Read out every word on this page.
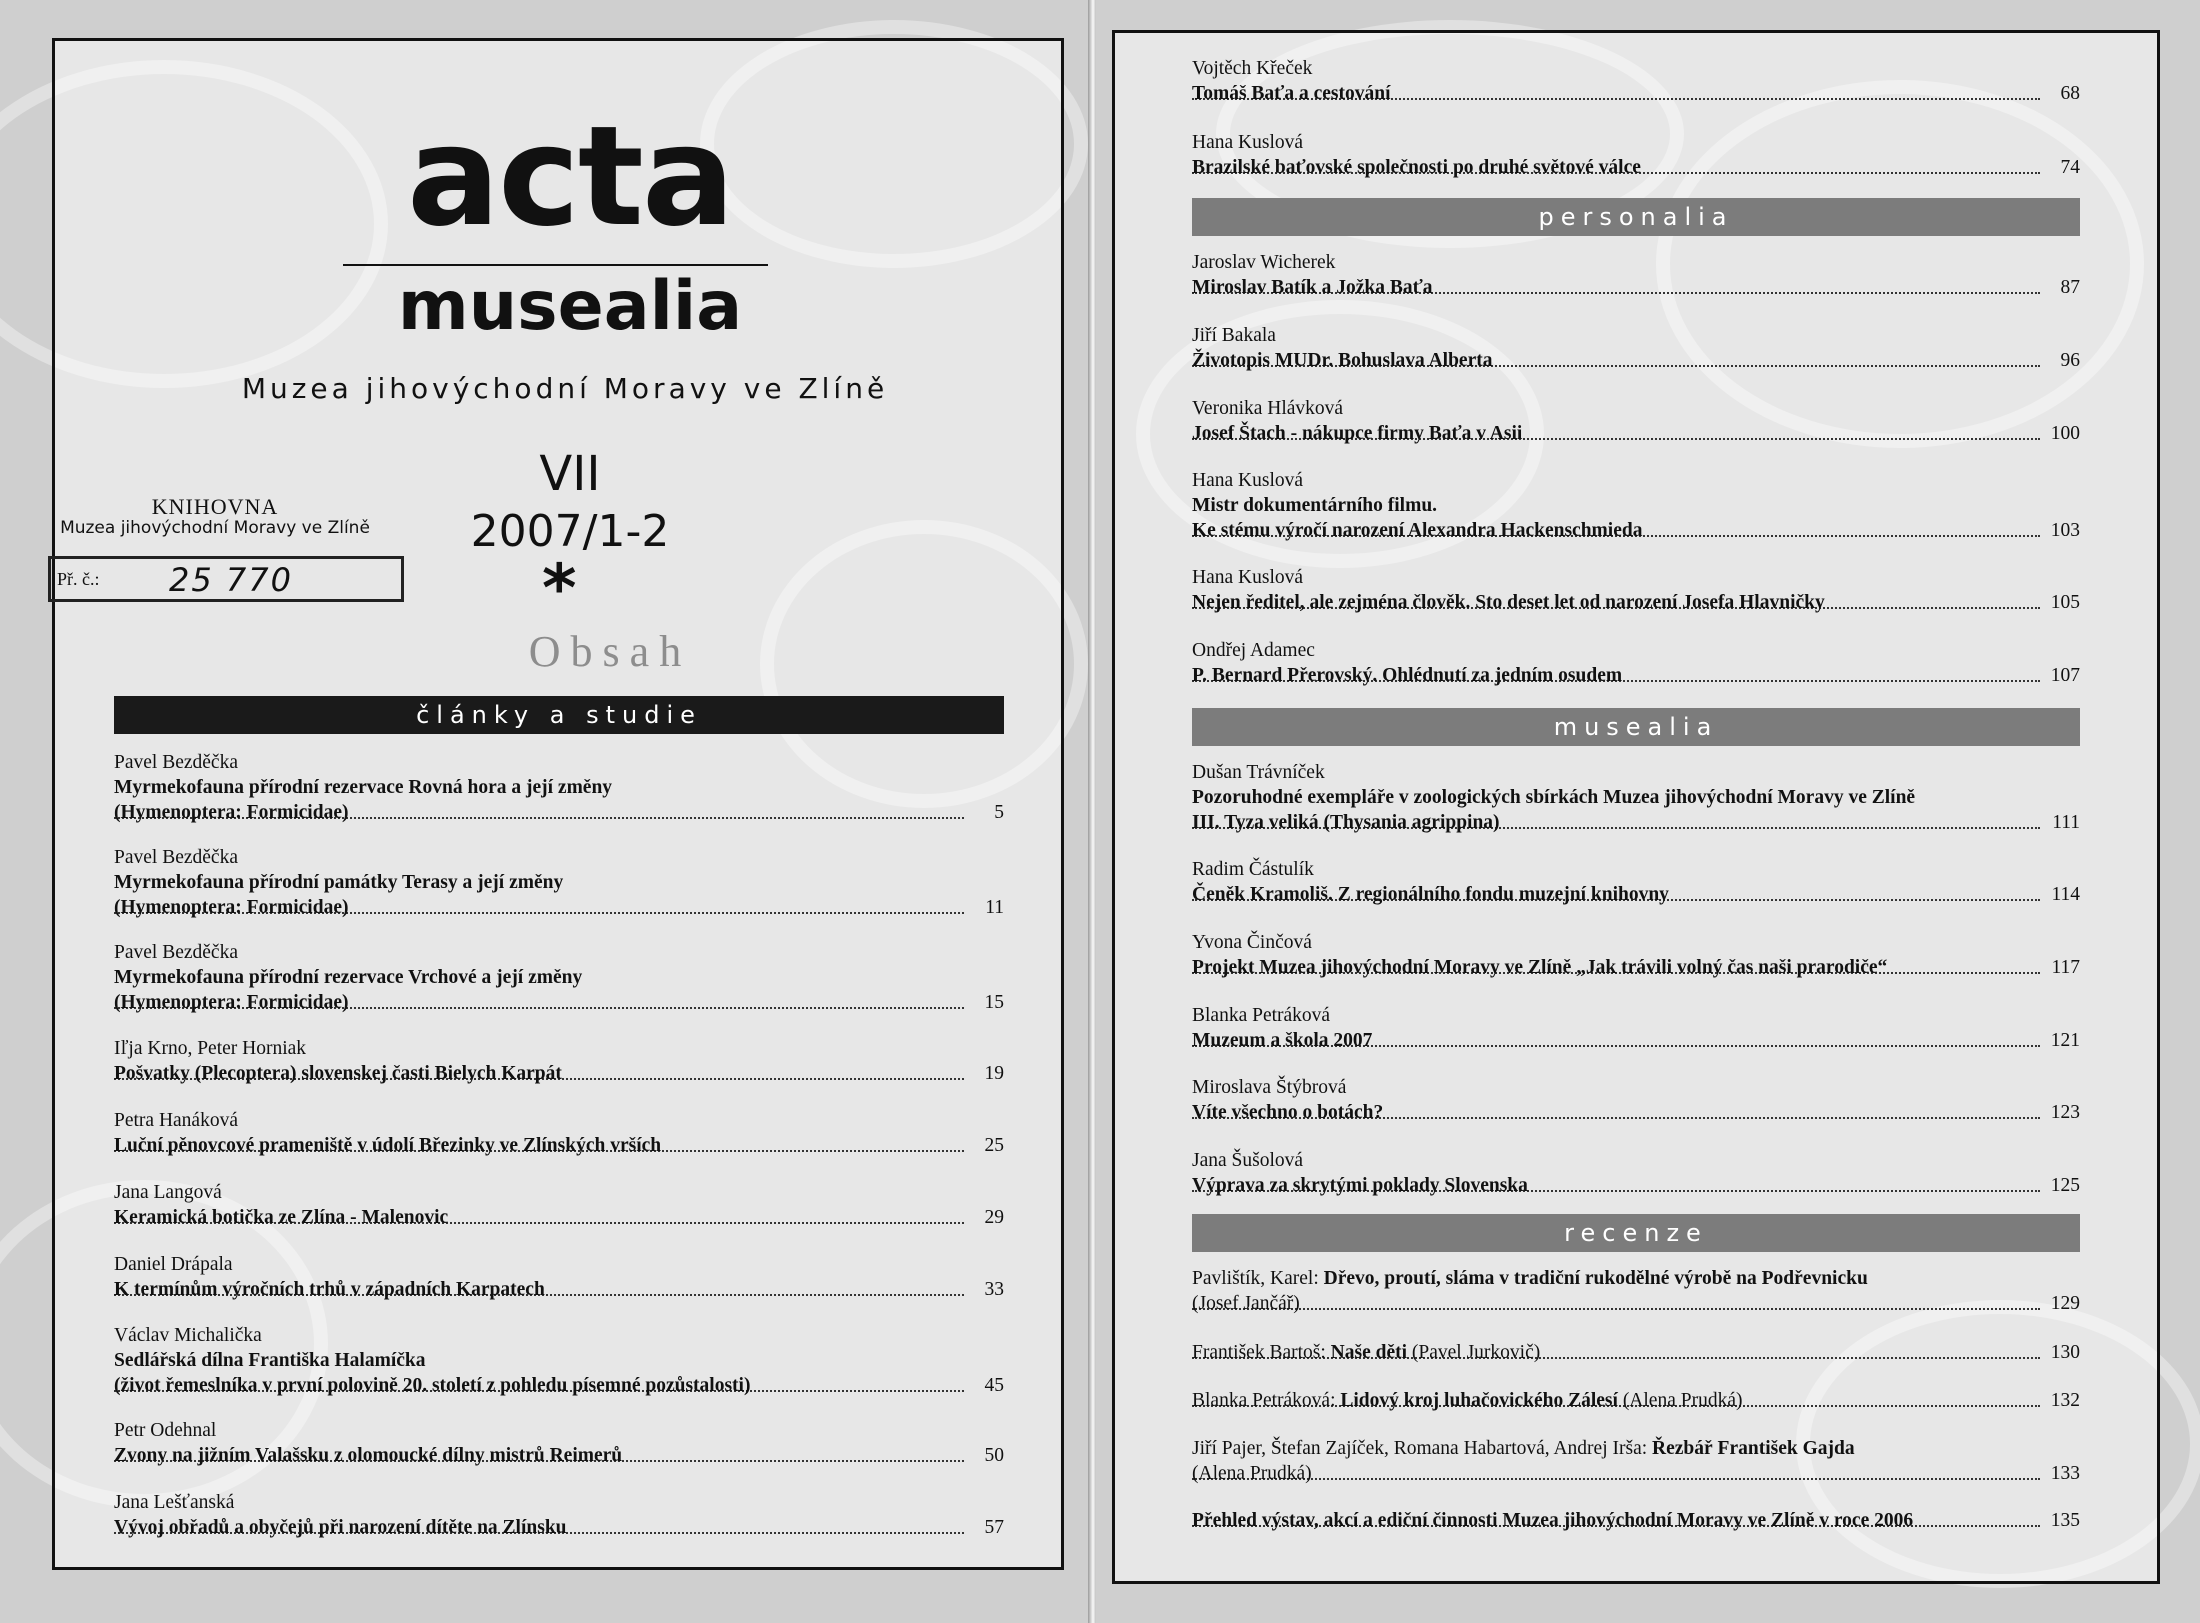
acta
musealia
Muzea jihovýchodní Moravy ve Zlíně
KNIHOVNA
Muzea jihovýchodní Moravy ve Zlíně
Př. č.: 25 770
VII
2007/1-2
*
Obsah
články a studie
Pavel Bezděčka
Myrmekofauna přírodní rezervace Rovná hora a její změny
(Hymenoptera: Formicidae)	5
Pavel Bezděčka
Myrmekofauna přírodní památky Terasy a její změny
(Hymenoptera: Formicidae)	11
Pavel Bezděčka
Myrmekofauna přírodní rezervace Vrchové a její změny
(Hymenoptera: Formicidae)	15
Iľja Krno, Peter Horniak
Pošvatky (Plecoptera) slovenskej časti Bielych Karpát	19
Petra Hanáková
Luční pěnovcové prameniště v údolí Březinky ve Zlínských vrších	25
Jana Langová
Keramická botička ze Zlína - Malenovic	29
Daniel Drápala
K termínům výročních trhů v západních Karpatech	33
Václav Michalička
Sedlářská dílna Františka Halamíčka
(život řemeslníka v první polovině 20. století z pohledu písemné pozůstalosti)	45
Petr Odehnal
Zvony na jižním Valašsku z olomoucké dílny mistrů Reimerů	50
Jana Lešťanská
Vývoj obřadů a obyčejů při narození dítěte na Zlínsku	57
Vojtěch Křeček
Tomáš Baťa a cestování	68
Hana Kuslová
Brazilské baťovské společnosti po druhé světové válce	74
Jaroslav Wicherek
Miroslav Batík a Jožka Baťa	87
Jiří Bakala
Životopis MUDr. Bohuslava Alberta	96
Veronika Hlávková
Josef Štach - nákupce firmy Baťa v Asii	100
Hana Kuslová
Mistr dokumentárního filmu.
Ke stému výročí narození Alexandra Hackenschmieda	103
Hana Kuslová
Nejen ředitel, ale zejména člověk. Sto deset let od narození Josefa Hlavničky	105
Ondřej Adamec
P. Bernard Přerovský. Ohlédnutí za jedním osudem	107
Dušan Trávníček
Pozoruhodné exempláře v zoologických sbírkách Muzea jihovýchodní Moravy ve Zlíně
III. Tyza veliká (Thysania agrippina)	111
Radim Částulík
Čeněk Kramoliš. Z regionálního fondu muzejní knihovny	114
Yvona Činčová
Projekt Muzea jihovýchodní Moravy ve Zlíně „Jak trávili volný čas naši prarodiče“	117
Blanka Petráková
Muzeum a škola 2007	121
Miroslava Štýbrová
Víte všechno o botách?	123
Jana Šušolová
Výprava za skrytými poklady Slovenska	125
Pavlištík, Karel: Dřevo, proutí, sláma v tradiční rukodělné výrobě na Podřevnicku
(Josef Jančář)	129
František Bartoš: Naše děti (Pavel Jurkovič)	130
Blanka Petráková: Lidový kroj luhačovického Zálesí (Alena Prudká)	132
Jiří Pajer, Štefan Zajíček, Romana Habartová, Andrej Irša: Řezbář František Gajda
(Alena Prudká)	133
Přehled výstav, akcí a ediční činnosti Muzea jihovýchodní Moravy ve Zlíně v roce 2006	135
personalia
musealia
recenze
